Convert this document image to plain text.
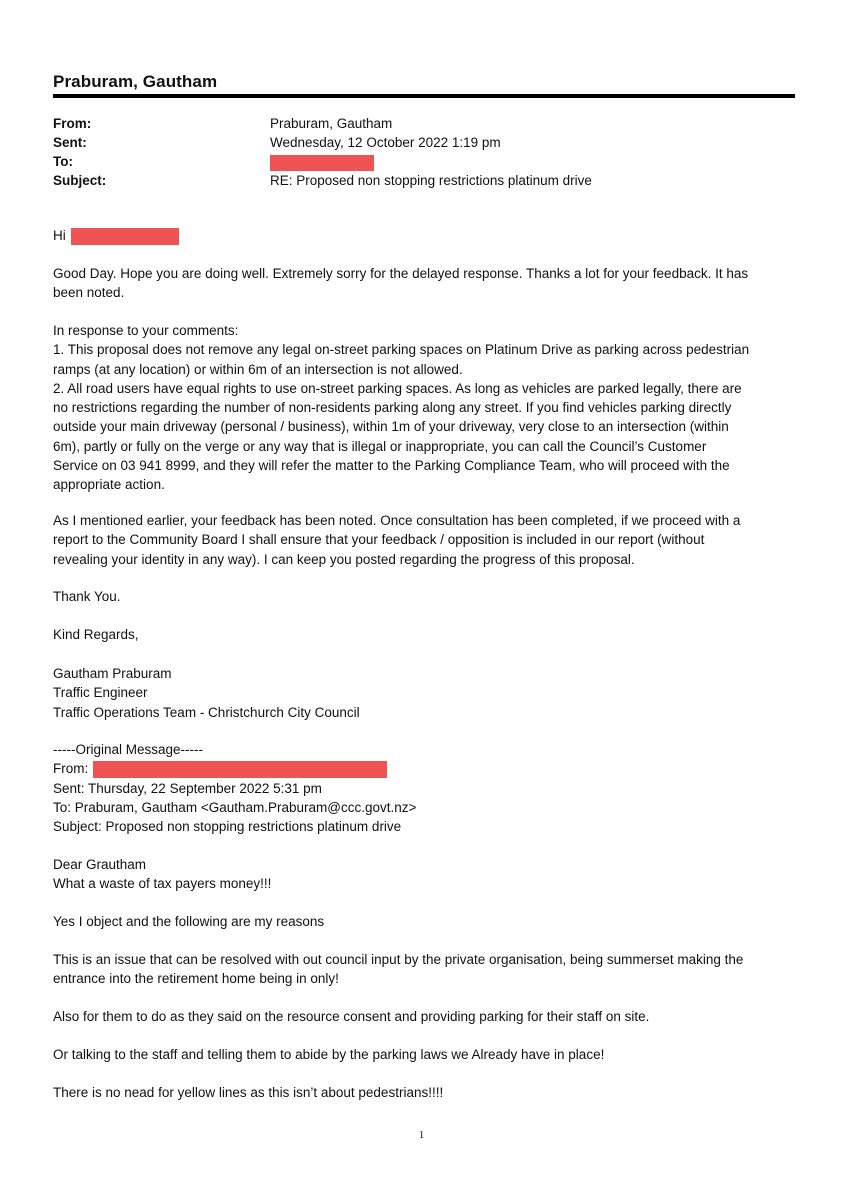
Praburam, Gautham
From:	Praburam, Gautham
Sent:	Wednesday, 12 October 2022 1:19 pm
To:
Subject:	RE: Proposed non stopping restrictions platinum drive
Hi
Good Day. Hope you are doing well. Extremely sorry for the delayed response. Thanks a lot for your feedback. It has
been noted.
In response to your comments:
1. This proposal does not remove any legal on-street parking spaces on Platinum Drive as parking across pedestrian
ramps (at any location) or within 6m of an intersection is not allowed.
2. All road users have equal rights to use on-street parking spaces. As long as vehicles are parked legally, there are
no restrictions regarding the number of non-residents parking along any street. If you find vehicles parking directly
outside your main driveway (personal / business), within 1m of your driveway, very close to an intersection (within
6m), partly or fully on the verge or any way that is illegal or inappropriate, you can call the Council’s Customer
Service on 03 941 8999, and they will refer the matter to the Parking Compliance Team, who will proceed with the
appropriate action.
As I mentioned earlier, your feedback has been noted. Once consultation has been completed, if we proceed with a
report to the Community Board I shall ensure that your feedback / opposition is included in our report (without
revealing your identity in any way). I can keep you posted regarding the progress of this proposal.
Thank You.
Kind Regards,
Gautham Praburam
Traffic Engineer
Traffic Operations Team - Christchurch City Council
-----Original Message-----
From:
Sent: Thursday, 22 September 2022 5:31 pm
To: Praburam, Gautham <Gautham.Praburam@ccc.govt.nz>
Subject: Proposed non stopping restrictions platinum drive
Dear Grautham
What a waste of tax payers money!!!
Yes I object and the following are my reasons
This is an issue that can be resolved with out council input by the private organisation, being summerset making the
entrance into the retirement home being in only!
Also for them to do as they said on the resource consent and providing parking for their staff on site.
Or talking to the staff and telling them to abide by the parking laws we Already have in place!
There is no nead for yellow lines as this isn’t about pedestrians!!!!
1
